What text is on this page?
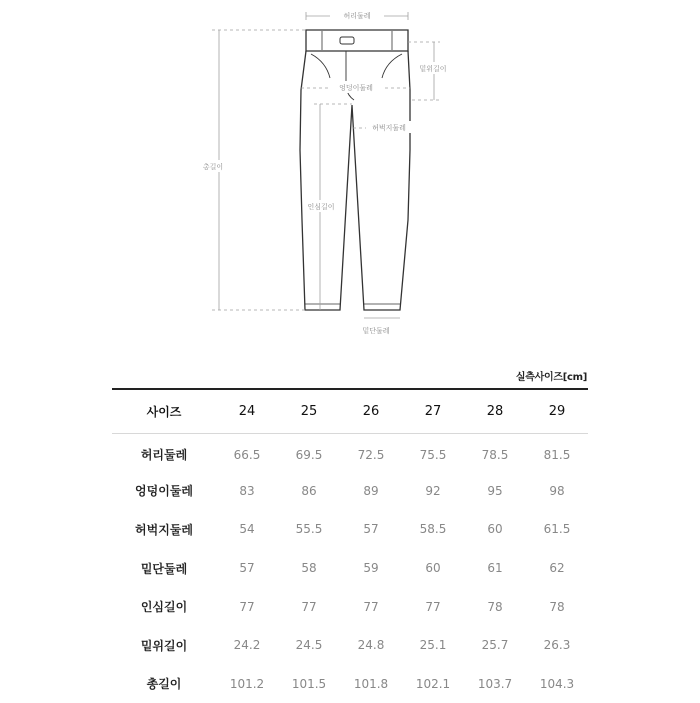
허리둘레
총길이
밑위길이
엉덩이둘레
허벅지둘레
인심길이
밑단둘레
실측사이즈[cm]
사이즈	24	25	26	27	28	29
허리둘레	66.5	69.5	72.5	75.5	78.5	81.5
엉덩이둘레	83	86	89	92	95	98
허벅지둘레	54	55.5	57	58.5	60	61.5
밑단둘레	57	58	59	60	61	62
인심길이	77	77	77	77	78	78
밑위길이	24.2	24.5	24.8	25.1	25.7	26.3
총길이	101.2	101.5	101.8	102.1	103.7	104.3
